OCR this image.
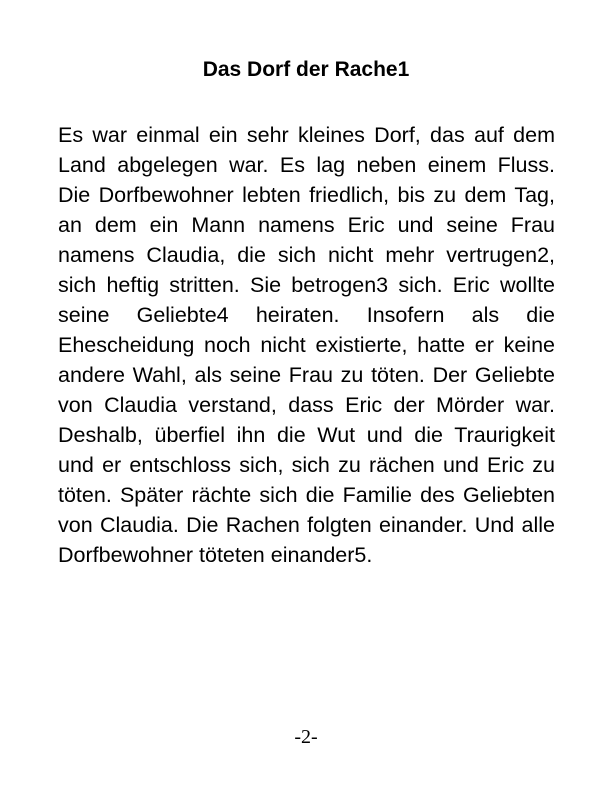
Das Dorf der Rache1

Es war einmal ein sehr kleines Dorf, das auf dem Land abgelegen war. Es lag neben einem Fluss. Die Dorfbewohner lebten friedlich, bis zu dem Tag, an dem ein Mann namens Eric und seine Frau namens Claudia, die sich nicht mehr vertrugen2, sich heftig stritten. Sie betrogen3 sich. Eric wollte seine Geliebte4 heiraten. Insofern als die Ehescheidung noch nicht existierte, hatte er keine andere Wahl, als seine Frau zu töten. Der Geliebte von Claudia verstand, dass Eric der Mörder war. Deshalb, überfiel ihn die Wut und die Traurigkeit und er entschloss sich, sich zu rächen und Eric zu töten. Später rächte sich die Familie des Geliebten von Claudia. Die Rachen folgten einander. Und alle Dorfbewohner töteten einander5.

-2-
